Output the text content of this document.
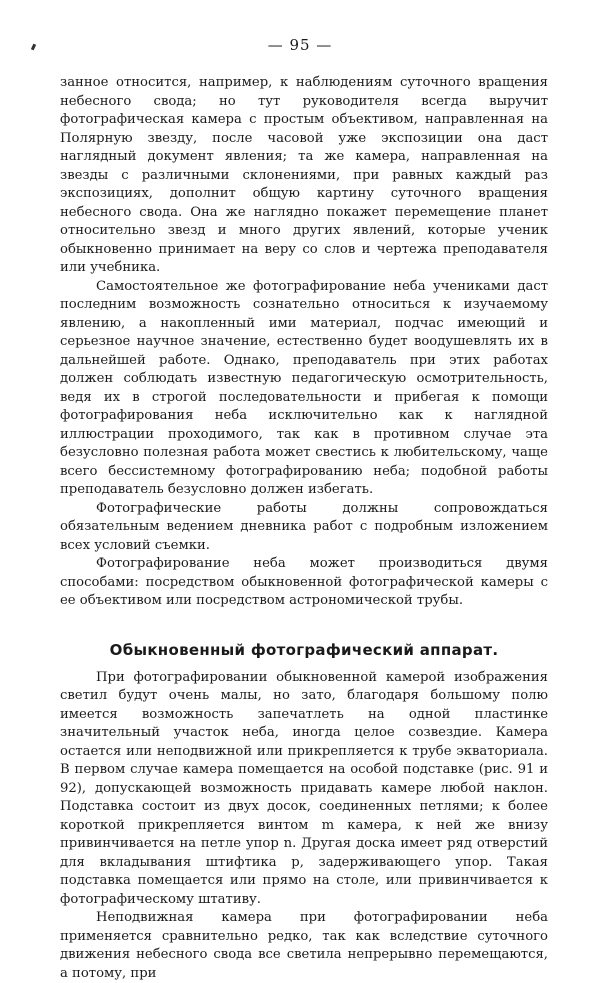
— 95 —

занное относится, например, к наблюдениям суточного вращения небесного свода; но тут руководителя всегда выручит фотографическая камера с простым объективом, направленная на Полярную звезду, после часовой уже экспозиции она даст наглядный документ явления; та же камера, направленная на звезды с различными склонениями, при равных каждый раз экспозициях, дополнит общую картину суточного вращения небесного свода. Она же наглядно покажет перемещение планет относительно звезд и много других явлений, которые ученик обыкновенно принимает на веру со слов и чертежа преподавателя или учебника.

Самостоятельное же фотографирование неба учениками даст последним возможность сознательно относиться к изучаемому явлению, а накопленный ими материал, подчас имеющий и серьезное научное значение, естественно будет воодушевлять их в дальнейшей работе. Однако, преподаватель при этих работах должен соблюдать известную педагогическую осмотрительность, ведя их в строгой последовательности и прибегая к помощи фотографирования неба исключительно как к наглядной иллюстрации проходимого, так как в противном случае эта безусловно полезная работа может свестись к любительскому, чаще всего бессистемному фотографированию неба; подобной работы преподаватель безусловно должен избегать.

Фотографические работы должны сопровождаться обязательным ведением дневника работ с подробным изложением всех условий съемки.

Фотографирование неба может производиться двумя способами: посредством обыкновенной фотографической камеры с ее объективом или посредством астрономической трубы.

Обыкновенный фотографический аппарат.

При фотографировании обыкновенной камерой изображения светил будут очень малы, но зато, благодаря большому полю имеется возможность запечатлеть на одной пластинке значительный участок неба, иногда целое созвездие. Камера остается или неподвижной или прикрепляется к трубе экваториала. В первом случае камера помещается на особой подставке (рис. 91 и 92), допускающей возможность придавать камере любой наклон. Подставка состоит из двух досок, соединенных петлями; к более короткой прикрепляется винтом m камера, к ней же внизу привинчивается на петле упор n. Другая доска имеет ряд отверстий для вкладывания штифтика p, задерживающего упор. Такая подставка помещается или прямо на столе, или привинчивается к фотографическому штативу.

Неподвижная камера при фотографировании неба применяется сравнительно редко, так как вследствие суточного движения небесного свода все светила непрерывно перемещаются, а потому, при
